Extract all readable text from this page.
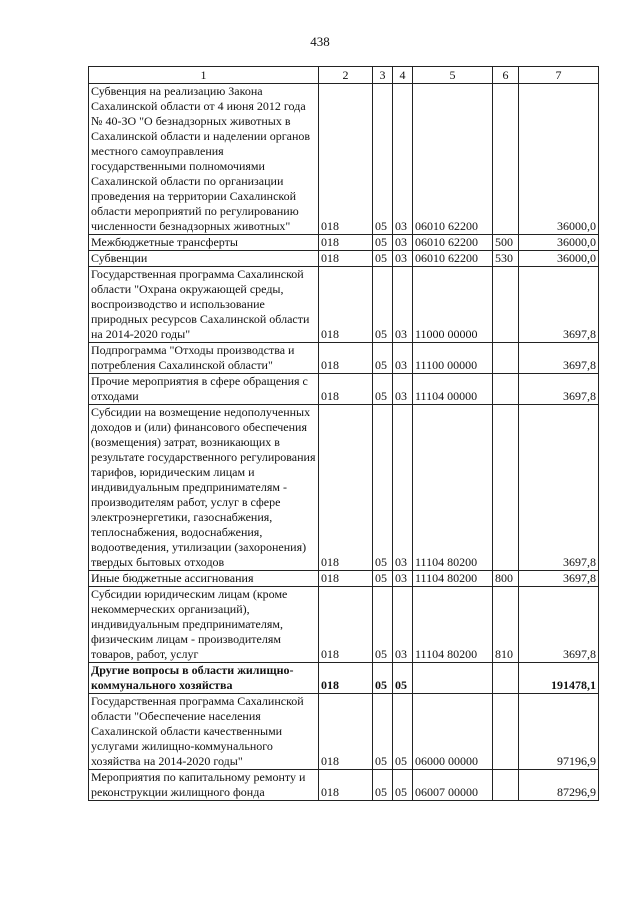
438
1	2	3	4	5	6	7
Субвенция на реализацию Закона Сахалинской области от 4 июня 2012 года № 40-ЗО "О безнадзорных животных в Сахалинской области и наделении органов местного самоуправления государственными полномочиями Сахалинской области по организации проведения на территории Сахалинской области мероприятий по регулированию численности безнадзорных животных"	018	05	03	06010 62200		36000,0
Межбюджетные трансферты	018	05	03	06010 62200	500	36000,0
Субвенции	018	05	03	06010 62200	530	36000,0
Государственная программа Сахалинской области "Охрана окружающей среды, воспроизводство и использование природных ресурсов Сахалинской области на 2014-2020 годы"	018	05	03	11000 00000		3697,8
Подпрограмма "Отходы производства и потребления Сахалинской области"	018	05	03	11100 00000		3697,8
Прочие мероприятия в сфере обращения с отходами	018	05	03	11104 00000		3697,8
Субсидии на возмещение недополученных доходов и (или) финансового обеспечения (возмещения) затрат, возникающих в результате государственного регулирования тарифов, юридическим лицам и индивидуальным предпринимателям - производителям работ, услуг в сфере электроэнергетики, газоснабжения, теплоснабжения, водоснабжения, водоотведения, утилизации (захоронения) твердых бытовых отходов	018	05	03	11104 80200		3697,8
Иные бюджетные ассигнования	018	05	03	11104 80200	800	3697,8
Субсидии юридическим лицам (кроме некоммерческих организаций), индивидуальным предпринимателям, физическим лицам - производителям товаров, работ, услуг	018	05	03	11104 80200	810	3697,8
Другие вопросы в области жилищно-коммунального хозяйства	018	05	05			191478,1
Государственная программа Сахалинской области "Обеспечение населения Сахалинской области качественными услугами жилищно-коммунального хозяйства на 2014-2020 годы"	018	05	05	06000 00000		97196,9
Мероприятия по капитальному ремонту и реконструкции жилищного фонда	018	05	05	06007 00000		87296,9
